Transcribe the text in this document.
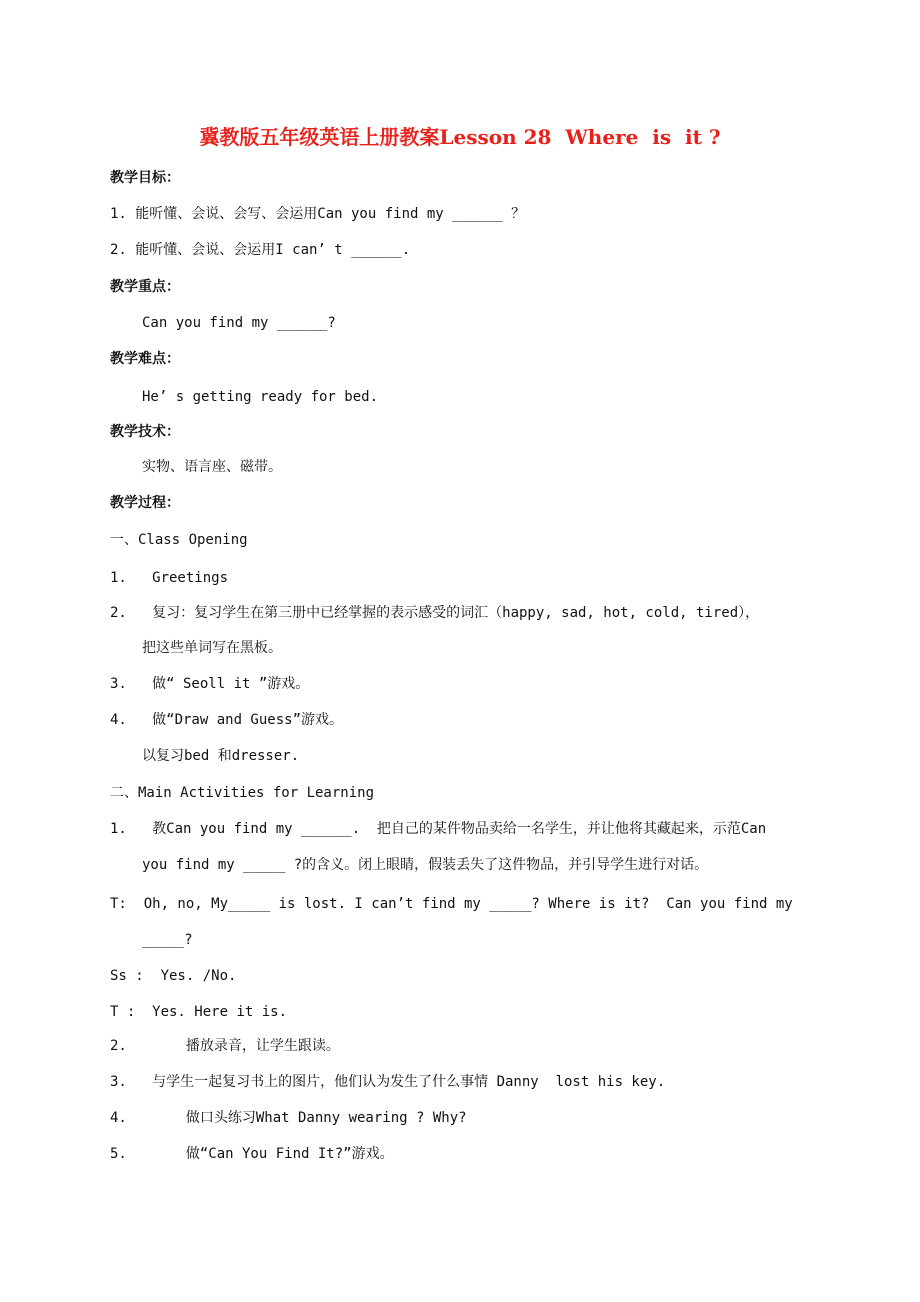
冀教版五年级英语上册教案Lesson 28  Where  is  it ?
教学目标：
1. 能听懂、会说、会写、会运用Can you find my ______ ？
2. 能听懂、会说、会运用I can’ t ______.
教学重点：
Can you find my ______?
教学难点：
He’ s getting ready for bed.
教学技术：
实物、语言座、磁带。
教学过程：
一、Class Opening
1.   Greetings
2.   复习：复习学生在第三册中已经掌握的表示感受的词汇（happy, sad, hot, cold, tired），
把这些单词写在黑板。
3.   做“ Seoll it ”游戏。
4.   做“Draw and Guess”游戏。
以复习bed 和dresser.
二、Main Activities for Learning
1.   教Can you find my ______.  把自己的某件物品卖给一名学生，并让他将其藏起来，示范Can
you find my _____ ?的含义。闭上眼睛，假装丢失了这件物品，并引导学生进行对话。
T:  Oh, no, My_____ is lost. I can’t find my _____? Where is it?  Can you find my
_____?
Ss :  Yes. /No.
T :  Yes. Here it is.
2.       播放录音，让学生跟读。
3.   与学生一起复习书上的图片，他们认为发生了什么事情 Danny  lost his key.
4.       做口头练习What Danny wearing ? Why?
5.       做“Can You Find It?”游戏。
